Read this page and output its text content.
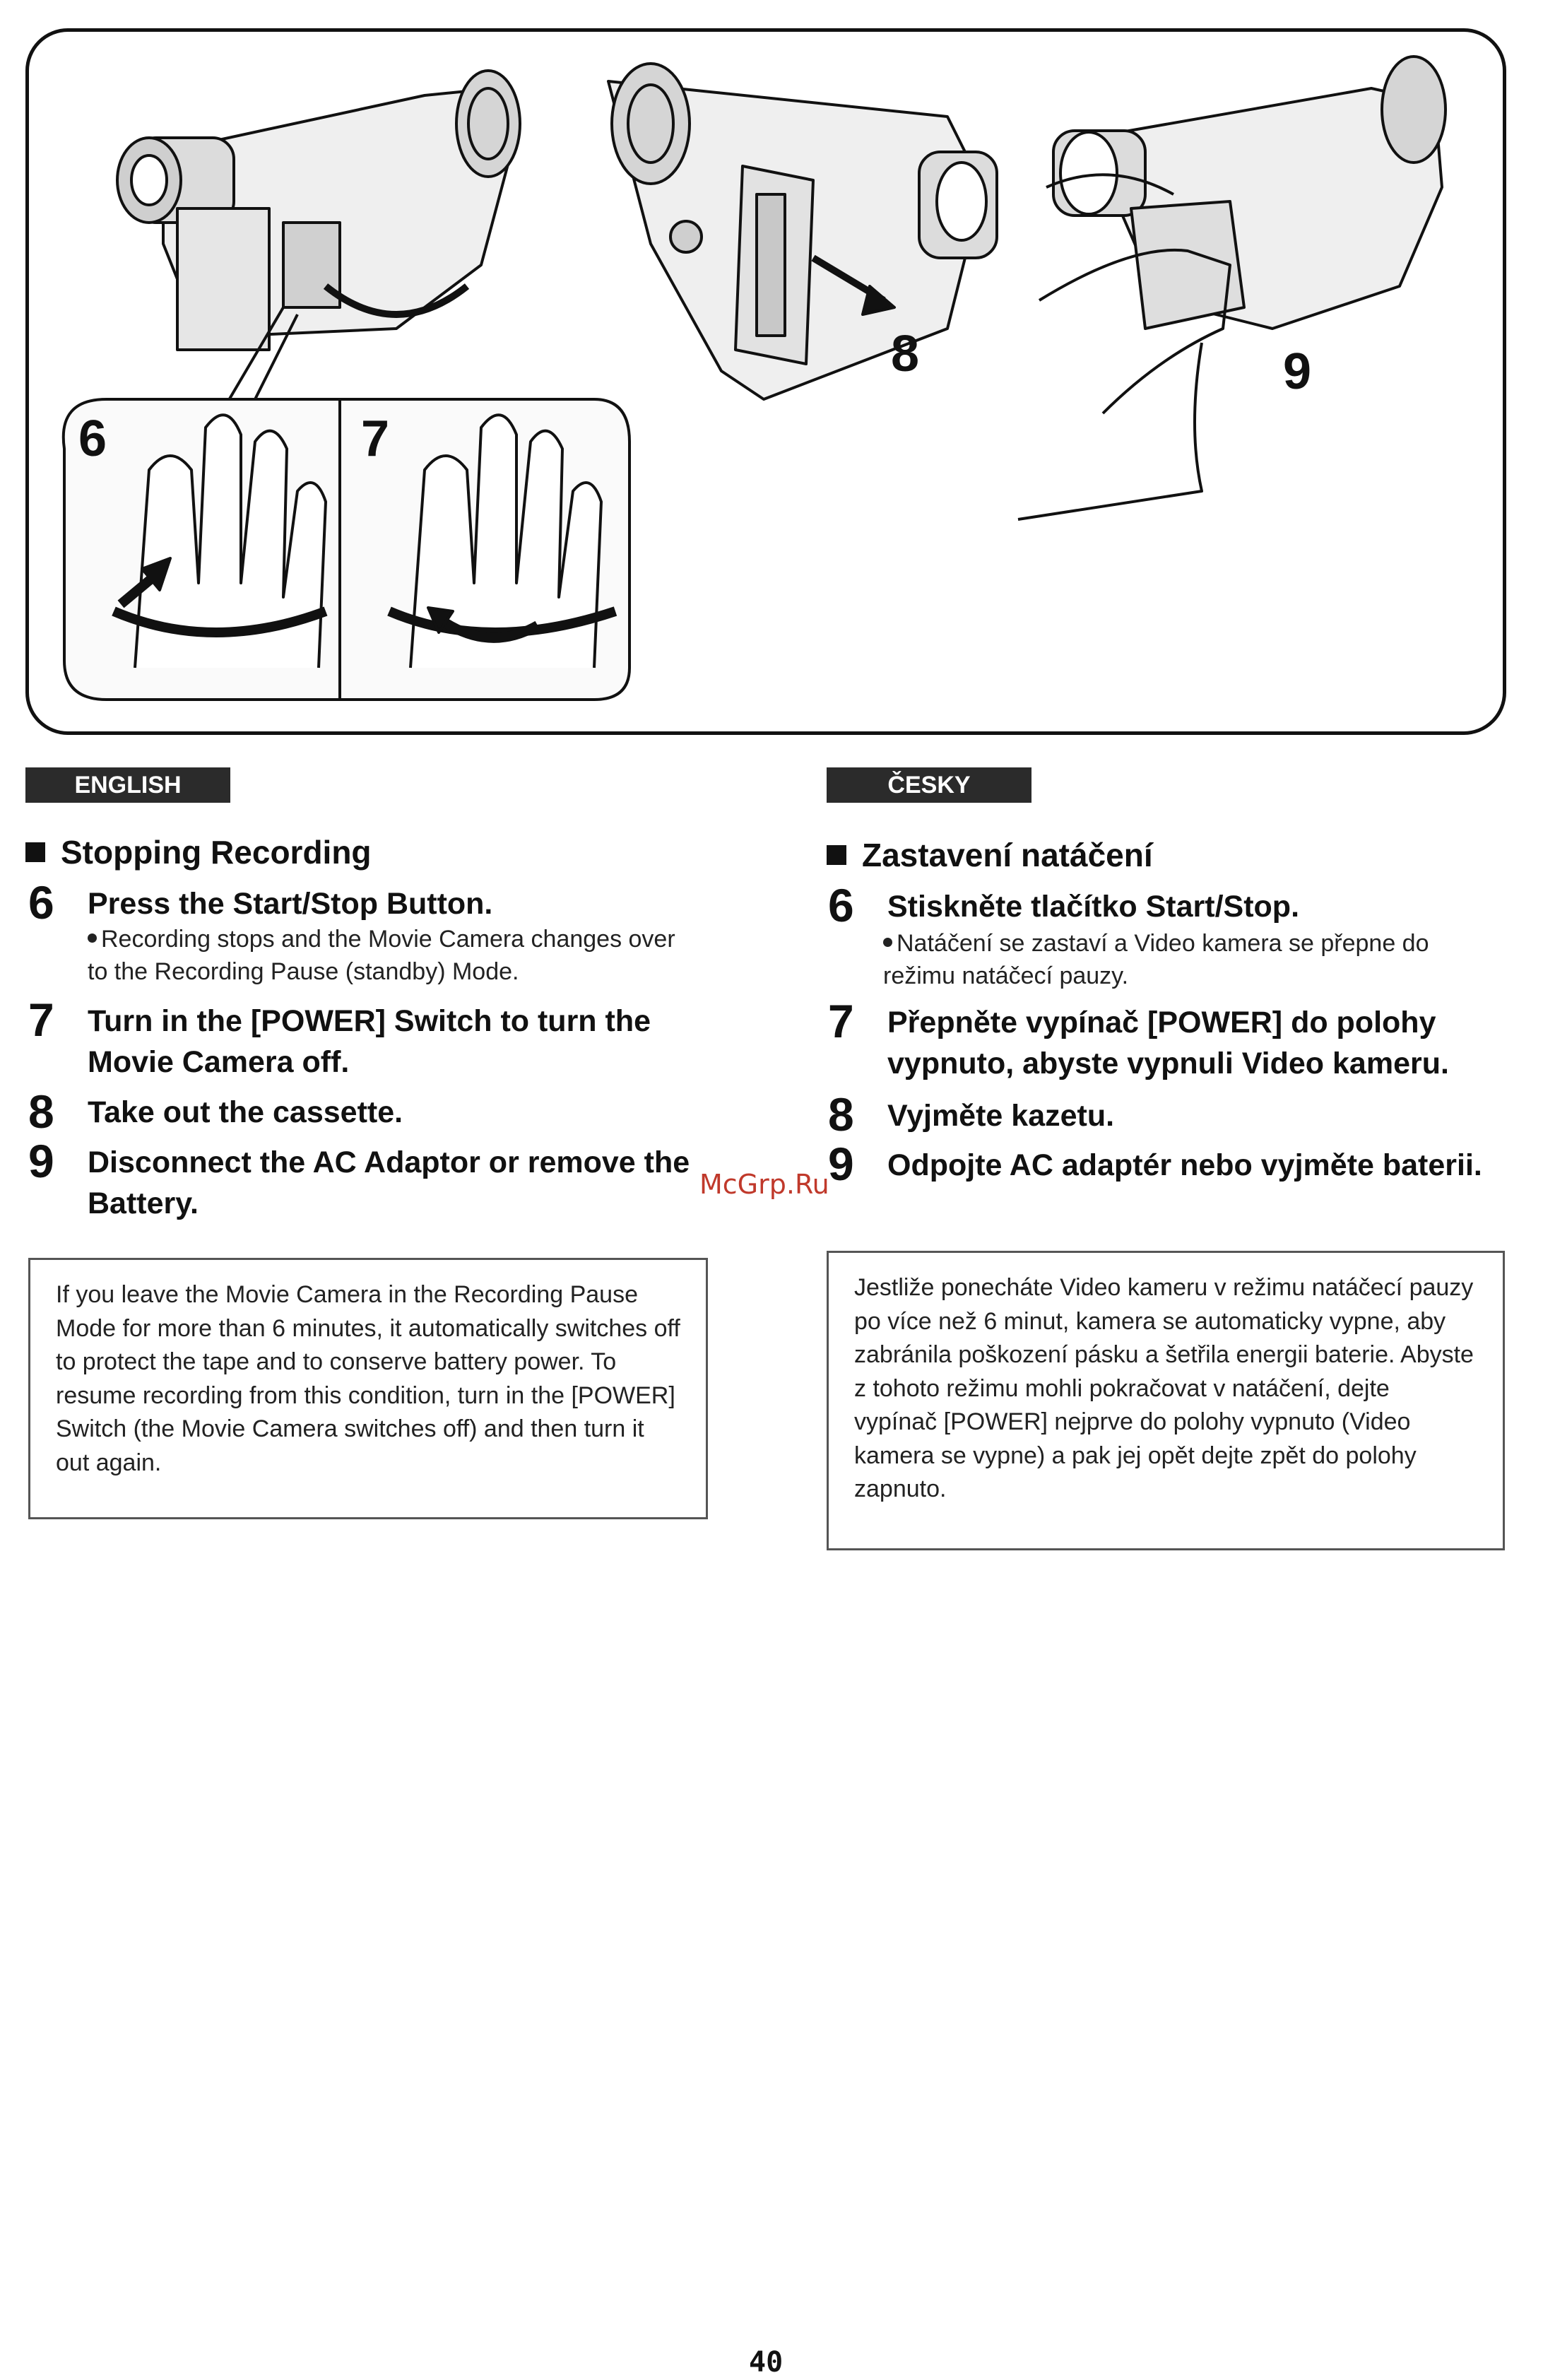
6	7
8	9
ENGLISH
Stopping Recording
6 Press the Start/Stop Button.
Recording stops and the Movie Camera changes over to the Recording Pause (standby) Mode.
7 Turn in the [POWER] Switch to turn the Movie Camera off.
8 Take out the cassette.
9 Disconnect the AC Adaptor or remove the Battery.
If you leave the Movie Camera in the Recording Pause Mode for more than 6 minutes, it automatically switches off to protect the tape and to conserve battery power. To resume recording from this condition, turn in the [POWER] Switch (the Movie Camera switches off) and then turn it out again.
ČESKY
Zastavení natáčení
6 Stiskněte tlačítko Start/Stop.
Natáčení se zastaví a Video kamera se přepne do režimu natáčecí pauzy.
7 Přepněte vypínač [POWER] do polohy vypnuto, abyste vypnuli Video kameru.
8 Vyjměte kazetu.
9 Odpojte AC adaptér nebo vyjměte baterii.
Jestliže ponecháte Video kameru v režimu natáčecí pauzy po více než 6 minut, kamera se automaticky vypne, aby zabránila poškození pásku a šetřila energii baterie. Abyste z tohoto režimu mohli pokračovat v natáčení, dejte vypínač [POWER] nejprve do polohy vypnuto (Video kamera se vypne) a pak jej opět dejte zpět do polohy zapnuto.
McGrp.Ru
40
